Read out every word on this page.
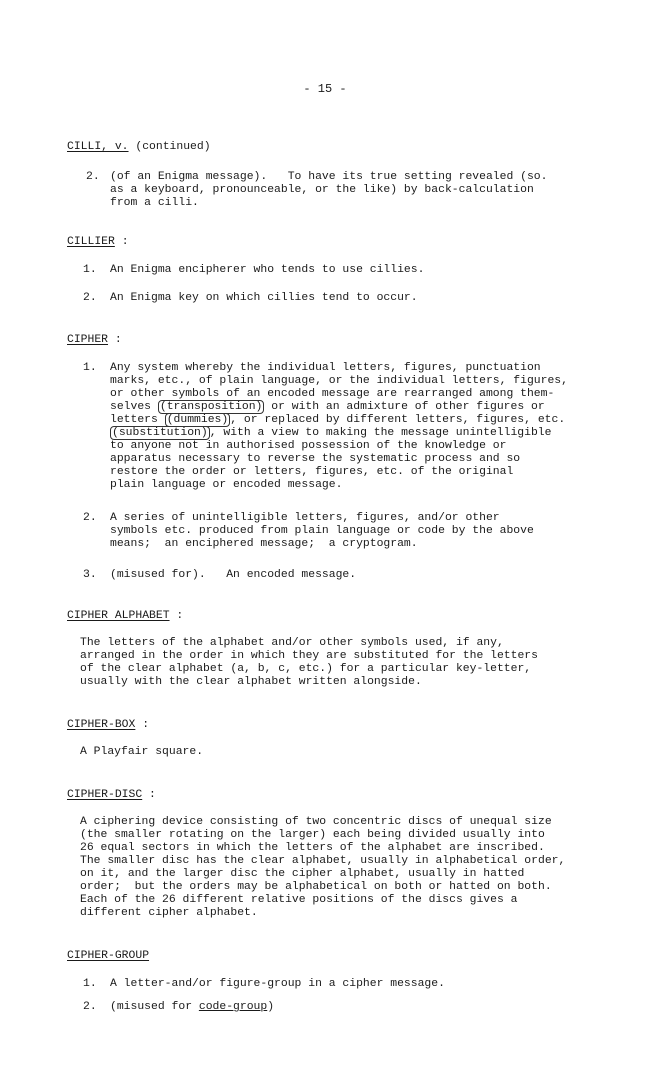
- 15 -
CILLI, v. (continued)
2. (of an Enigma message).   To have its true setting revealed (so.
as a keyboard, pronounceable, or the like) by back-calculation
from a cilli.
CILLIER :
1. An Enigma encipherer who tends to use cillies.
2. An Enigma key on which cillies tend to occur.
CIPHER :
1. Any system whereby the individual letters, figures, punctuation
marks, etc., of plain language, or the individual letters, figures,
or other symbols of an encoded message are rearranged among them-
selves (transposition) or with an admixture of other figures or
letters (dummies) , or replaced by different letters, figures, etc.
(substitution) , with a view to making the message unintelligible
to anyone not in authorised possession of the knowledge or
apparatus necessary to reverse the systematic process and so
restore the order or letters, figures, etc. of the original
plain language or encoded message.
2. A series of unintelligible letters, figures, and/or other
symbols etc. produced from plain language or code by the above
means;  an enciphered message;  a cryptogram.
3. (misused for).   An encoded message.
CIPHER ALPHABET :
The letters of the alphabet and/or other symbols used, if any,
arranged in the order in which they are substituted for the letters
of the clear alphabet (a, b, c, etc.) for a particular key-letter,
usually with the clear alphabet written alongside.
CIPHER-BOX :
A Playfair square.
CIPHER-DISC :
A ciphering device consisting of two concentric discs of unequal size
(the smaller rotating on the larger) each being divided usually into
26 equal sectors in which the letters of the alphabet are inscribed.
The smaller disc has the clear alphabet, usually in alphabetical order,
on it, and the larger disc the cipher alphabet, usually in hatted
order;  but the orders may be alphabetical on both or hatted on both.
Each of the 26 different relative positions of the discs gives a
different cipher alphabet.
CIPHER-GROUP
1. A letter-and/or figure-group in a cipher message.
2. (misused for code-group)
